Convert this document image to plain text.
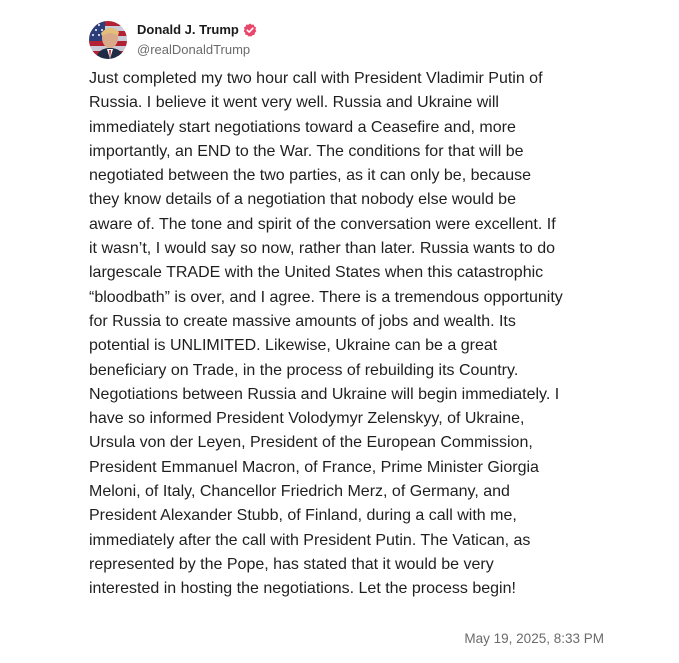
Donald J. Trump
@realDonaldTrump

Just completed my two hour call with President Vladimir Putin of
Russia. I believe it went very well. Russia and Ukraine will
immediately start negotiations toward a Ceasefire and, more
importantly, an END to the War. The conditions for that will be
negotiated between the two parties, as it can only be, because
they know details of a negotiation that nobody else would be
aware of. The tone and spirit of the conversation were excellent. If
it wasn’t, I would say so now, rather than later. Russia wants to do
largescale TRADE with the United States when this catastrophic
“bloodbath” is over, and I agree. There is a tremendous opportunity
for Russia to create massive amounts of jobs and wealth. Its
potential is UNLIMITED. Likewise, Ukraine can be a great
beneficiary on Trade, in the process of rebuilding its Country.
Negotiations between Russia and Ukraine will begin immediately. I
have so informed President Volodymyr Zelenskyy, of Ukraine,
Ursula von der Leyen, President of the European Commission,
President Emmanuel Macron, of France, Prime Minister Giorgia
Meloni, of Italy, Chancellor Friedrich Merz, of Germany, and
President Alexander Stubb, of Finland, during a call with me,
immediately after the call with President Putin. The Vatican, as
represented by the Pope, has stated that it would be very
interested in hosting the negotiations. Let the process begin!

May 19, 2025, 8:33 PM
